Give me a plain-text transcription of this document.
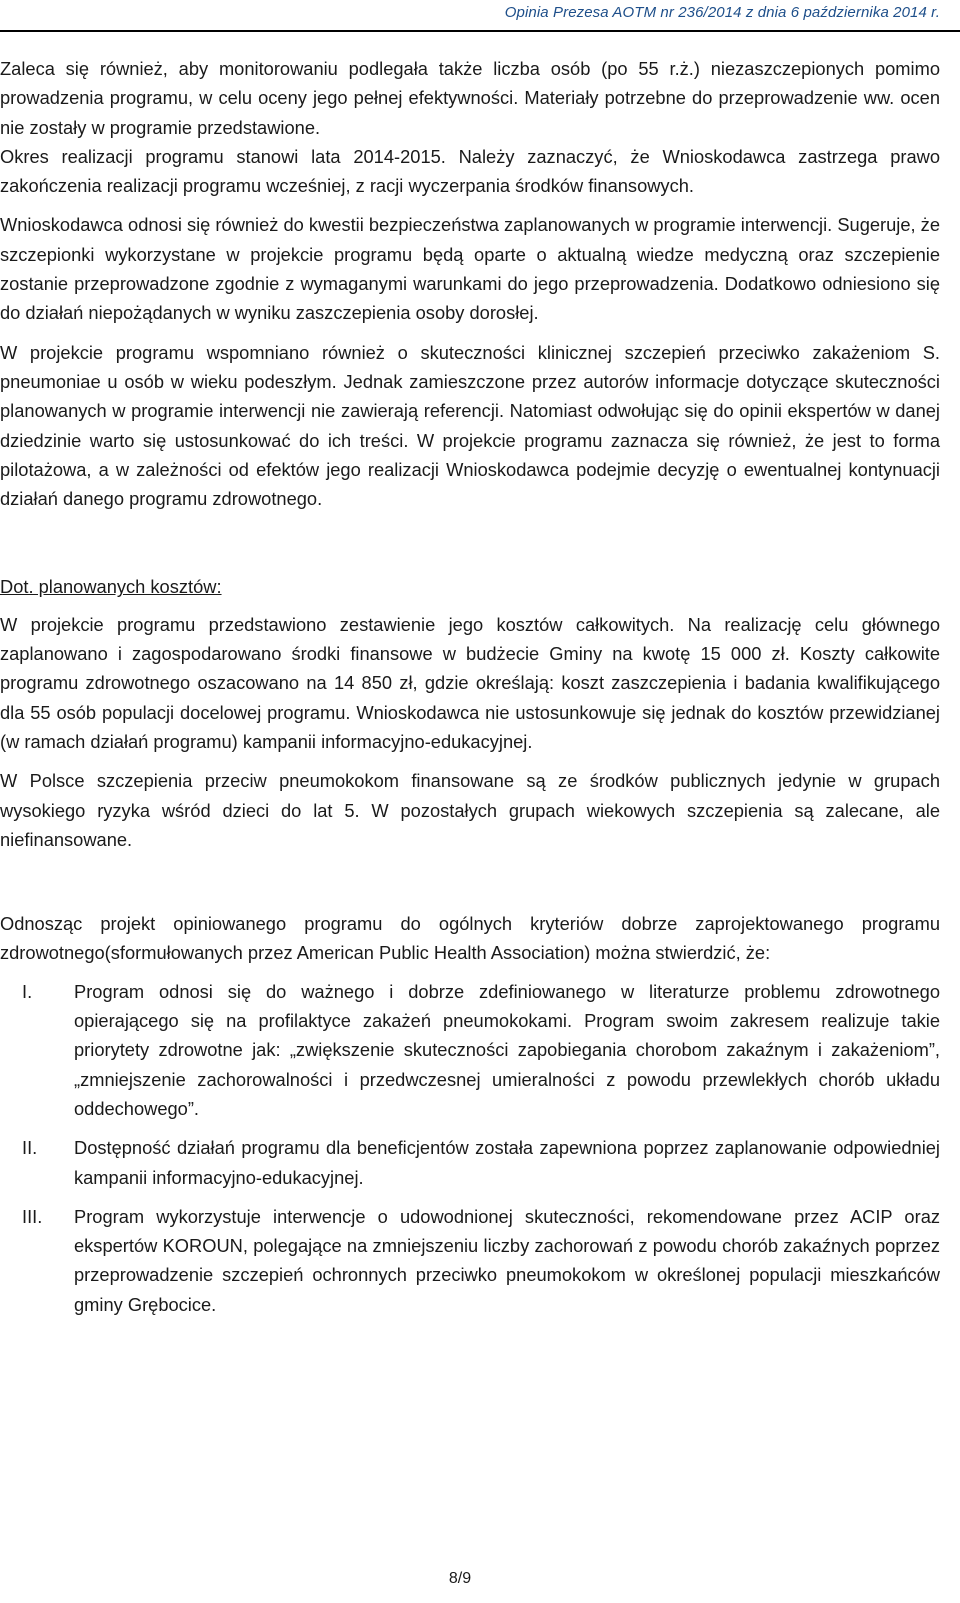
Opinia Prezesa AOTM nr 236/2014 z dnia 6 października 2014 r.

Zaleca się również, aby monitorowaniu podlegała także liczba osób (po 55 r.ż.) niezaszczepionych pomimo prowadzenia programu, w celu oceny jego pełnej efektywności. Materiały potrzebne do przeprowadzenie ww. ocen nie zostały w programie przedstawione.

Okres realizacji programu stanowi lata 2014-2015. Należy zaznaczyć, że Wnioskodawca zastrzega prawo zakończenia realizacji programu wcześniej, z racji wyczerpania środków finansowych.

Wnioskodawca odnosi się również do kwestii bezpieczeństwa zaplanowanych w programie interwencji. Sugeruje, że szczepionki wykorzystane w projekcie programu będą oparte o aktualną wiedze medyczną oraz szczepienie zostanie przeprowadzone zgodnie z wymaganymi warunkami do jego przeprowadzenia. Dodatkowo odniesiono się do działań niepożądanych w wyniku zaszczepienia osoby dorosłej.

W projekcie programu wspomniano również o skuteczności klinicznej szczepień przeciwko zakażeniom S. pneumoniae u osób w wieku podeszłym. Jednak zamieszczone przez autorów informacje dotyczące skuteczności planowanych w programie interwencji nie zawierają referencji. Natomiast odwołując się do opinii ekspertów w danej dziedzinie warto się ustosunkować do ich treści. W projekcie programu zaznacza się również, że jest to forma pilotażowa, a w zależności od efektów jego realizacji Wnioskodawca podejmie decyzję o ewentualnej kontynuacji działań danego programu zdrowotnego.

Dot. planowanych kosztów:

W projekcie programu przedstawiono zestawienie jego kosztów całkowitych. Na realizację celu głównego zaplanowano i zagospodarowano środki finansowe w budżecie Gminy na kwotę 15 000 zł. Koszty całkowite programu zdrowotnego oszacowano na 14 850 zł, gdzie określają: koszt zaszczepienia i badania kwalifikującego dla 55 osób populacji docelowej programu. Wnioskodawca nie ustosunkowuje się jednak do kosztów przewidzianej (w ramach działań programu) kampanii informacyjno-edukacyjnej.

W Polsce szczepienia przeciw pneumokokom finansowane są ze środków publicznych jedynie w grupach wysokiego ryzyka wśród dzieci do lat 5. W pozostałych grupach wiekowych szczepienia są zalecane, ale niefinansowane.

Odnosząc projekt opiniowanego programu do ogólnych kryteriów dobrze zaprojektowanego programu zdrowotnego(sformułowanych przez American Public Health Association) można stwierdzić, że:

I. Program odnosi się do ważnego i dobrze zdefiniowanego w literaturze problemu zdrowotnego opierającego się na profilaktyce zakażeń pneumokokami. Program swoim zakresem realizuje takie priorytety zdrowotne jak: „zwiększenie skuteczności zapobiegania chorobom zakaźnym i zakażeniom”, „zmniejszenie zachorowalności i przedwczesnej umieralności z powodu przewlekłych chorób układu oddechowego”.
II. Dostępność działań programu dla beneficjentów została zapewniona poprzez zaplanowanie odpowiedniej kampanii informacyjno-edukacyjnej.
III. Program wykorzystuje interwencje o udowodnionej skuteczności, rekomendowane przez ACIP oraz ekspertów KOROUN, polegające na zmniejszeniu liczby zachorowań z powodu chorób zakaźnych poprzez przeprowadzenie szczepień ochronnych przeciwko pneumokokom w określonej populacji mieszkańców gminy Grębocice.
8/9
